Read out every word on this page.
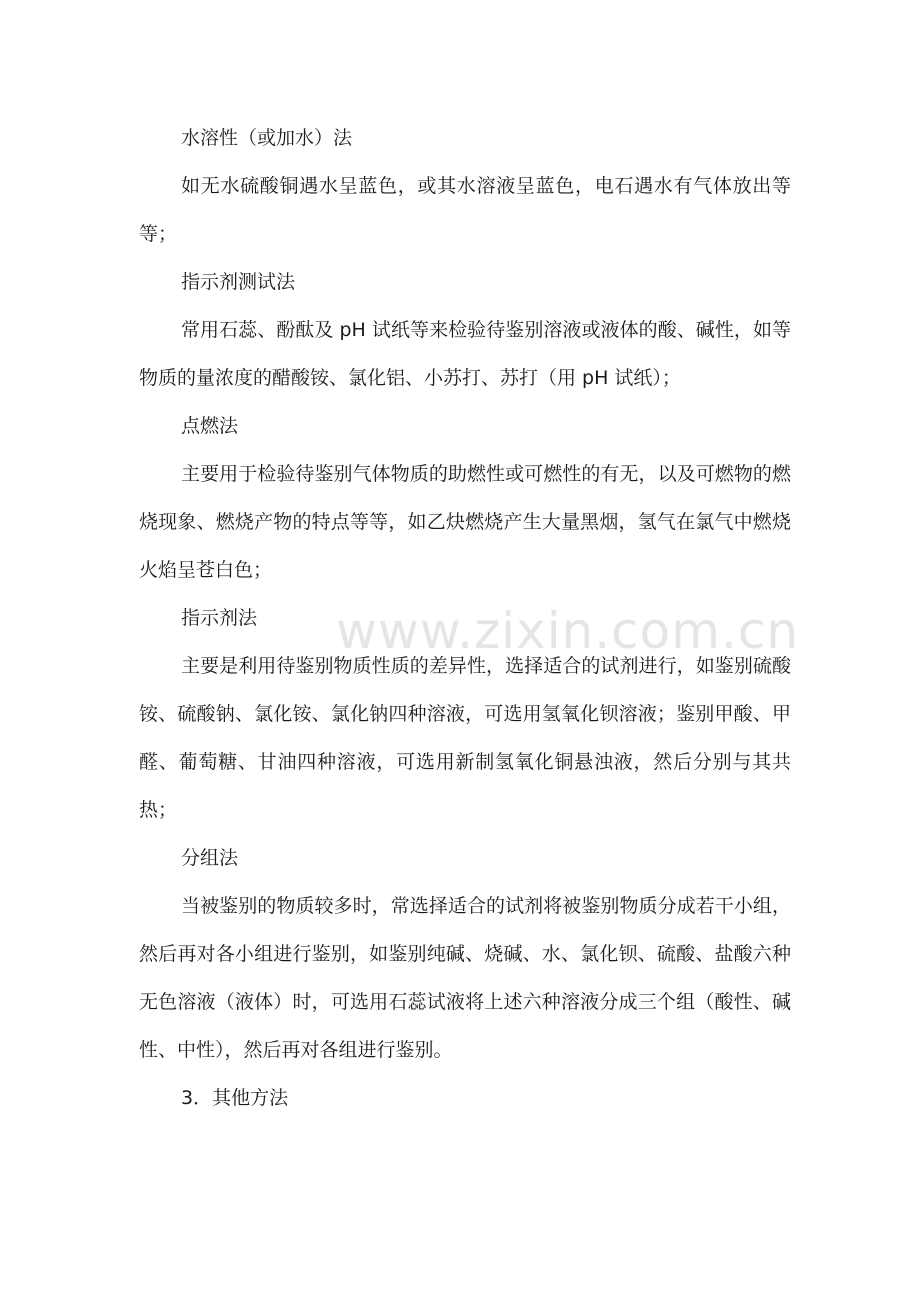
水溶性（或加水）法

如无水硫酸铜遇水呈蓝色，或其水溶液呈蓝色，电石遇水有气体放出等等；

指示剂测试法

常用石蕊、酚酞及 pH 试纸等来检验待鉴别溶液或液体的酸、碱性，如等物质的量浓度的醋酸铵、氯化铝、小苏打、苏打（用 pH 试纸）；

点燃法

主要用于检验待鉴别气体物质的助燃性或可燃性的有无，以及可燃物的燃烧现象、燃烧产物的特点等等，如乙炔燃烧产生大量黑烟，氢气在氯气中燃烧火焰呈苍白色；

指示剂法

主要是利用待鉴别物质性质的差异性，选择适合的试剂进行，如鉴别硫酸铵、硫酸钠、氯化铵、氯化钠四种溶液，可选用氢氧化钡溶液；鉴别甲酸、甲醛、葡萄糖、甘油四种溶液，可选用新制氢氧化铜悬浊液，然后分别与其共热；

分组法

当被鉴别的物质较多时，常选择适合的试剂将被鉴别物质分成若干小组，然后再对各小组进行鉴别，如鉴别纯碱、烧碱、水、氯化钡、硫酸、盐酸六种无色溶液（液体）时，可选用石蕊试液将上述六种溶液分成三个组（酸性、碱性、中性），然后再对各组进行鉴别。

3．其他方法

www.zixin.com.cn
